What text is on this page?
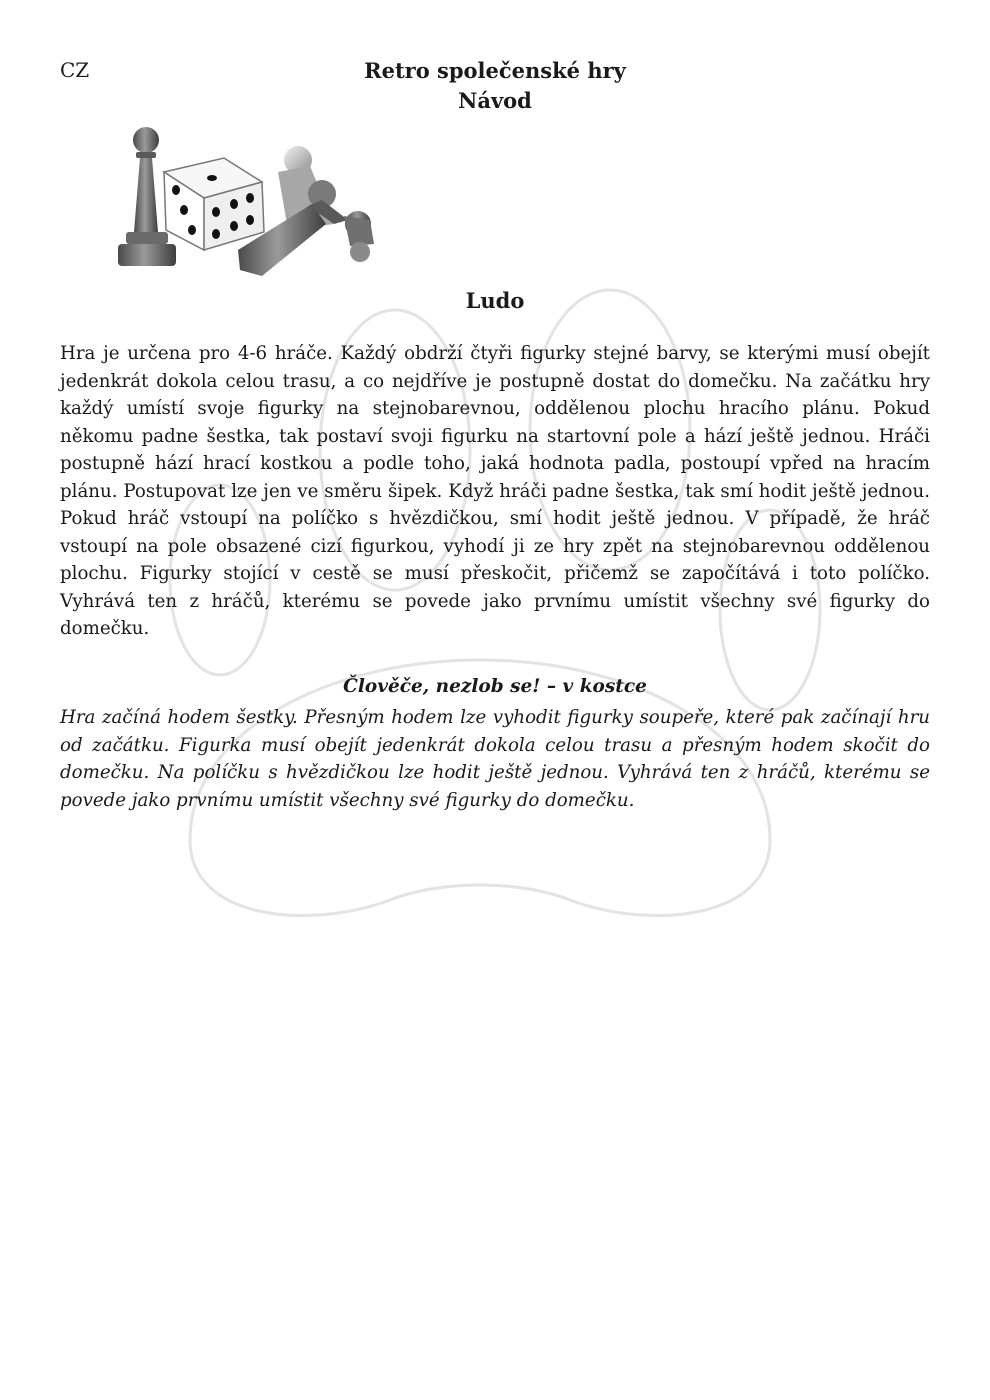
CZ	Retro společenské hry
Návod
Ludo
Hra je určena pro 4-6 hráče. Každý obdrží čtyři figurky stejné barvy, se kterými musí obejít jedenkrát dokola celou trasu, a co nejdříve je postupně dostat do domečku. Na začátku hry každý umístí svoje figurky na stejnobarevnou, oddělenou plochu hracího plánu. Pokud někomu padne šestka, tak postaví svoji figurku na startovní pole a hází ještě jednou. Hráči postupně hází hrací kostkou a podle toho, jaká hodnota padla, postoupí vpřed na hracím plánu. Postupovat lze jen ve směru šipek. Když hráči padne šestka, tak smí hodit ještě jednou. Pokud hráč vstoupí na políčko s hvězdičkou, smí hodit ještě jednou. V případě, že hráč vstoupí na pole obsazené cizí figurkou, vyhodí ji ze hry zpět na stejnobarevnou oddělenou plochu. Figurky stojící v cestě se musí přeskočit, přičemž se započítává i toto políčko. Vyhrává ten z hráčů, kterému se povede jako prvnímu umístit všechny své figurky do domečku.
Člověče, nezlob se! – v kostce
Hra začíná hodem šestky. Přesným hodem lze vyhodit figurky soupeře, které pak začínají hru od začátku. Figurka musí obejít jedenkrát dokola celou trasu a přesným hodem skočit do domečku. Na políčku s hvězdičkou lze hodit ještě jednou. Vyhrává ten z hráčů, kterému se povede jako prvnímu umístit všechny své figurky do domečku.
